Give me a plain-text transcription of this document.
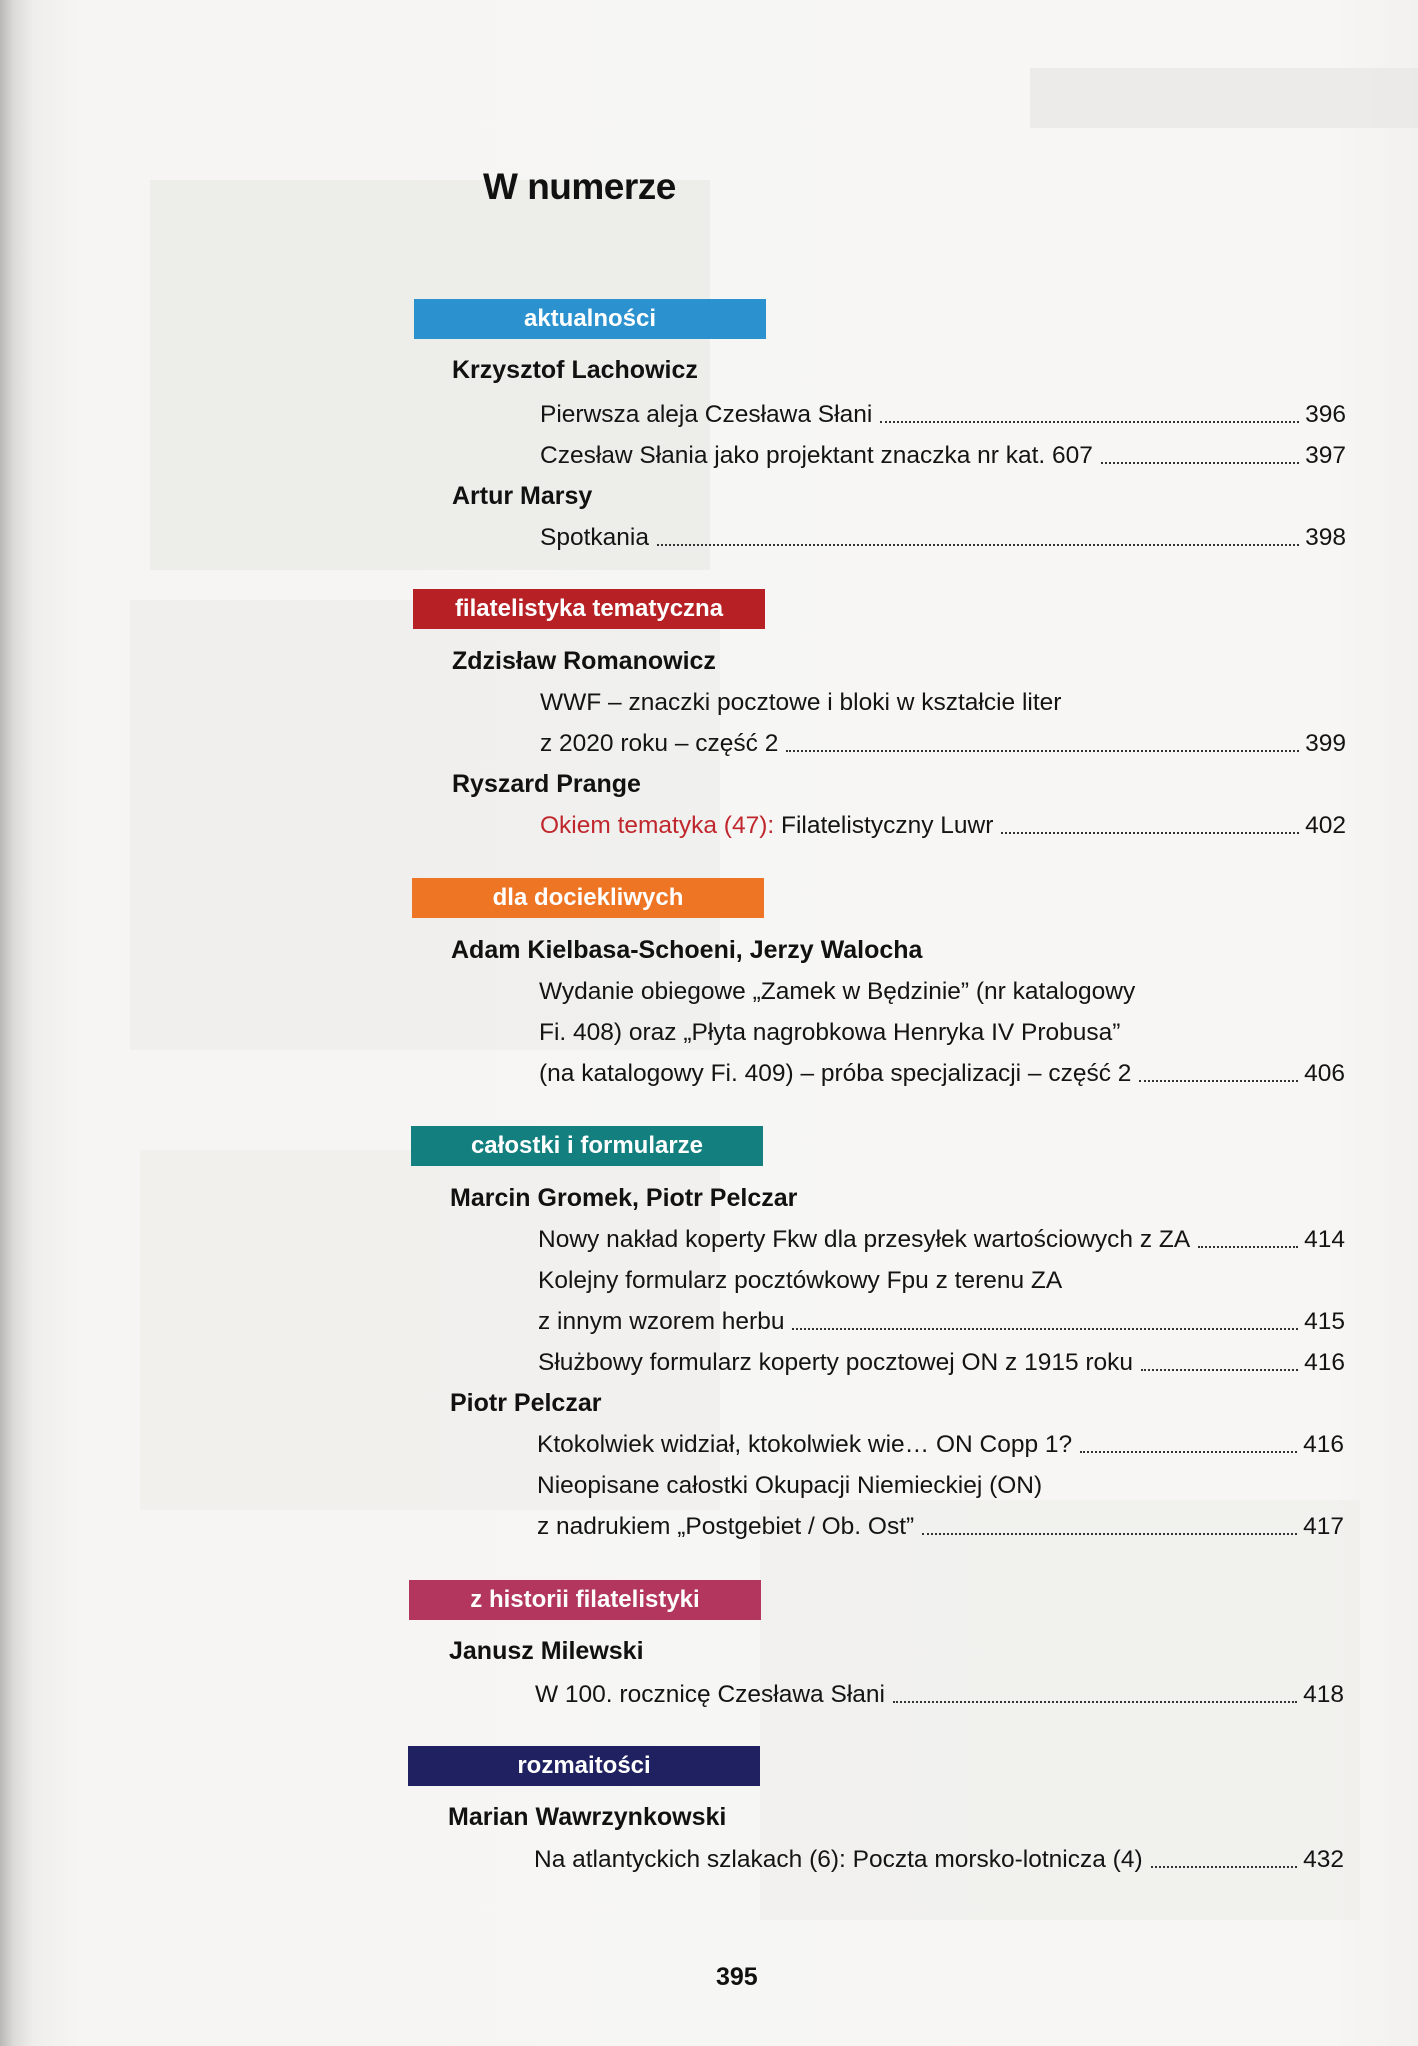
W numerze
aktualności
Krzysztof Lachowicz
Pierwsza aleja Czesława Słani	396
Czesław Słania jako projektant znaczka nr kat. 607	397
Artur Marsy
Spotkania	398
filatelistyka tematyczna
Zdzisław Romanowicz
WWF – znaczki pocztowe i bloki w kształcie liter
z 2020 roku – część 2	399
Ryszard Prange
Okiem tematyka (47): Filatelistyczny Luwr	402
dla dociekliwych
Adam Kielbasa-Schoeni, Jerzy Walocha
Wydanie obiegowe „Zamek w Będzinie” (nr katalogowy
Fi. 408) oraz „Płyta nagrobkowa Henryka IV Probusa”
(na katalogowy Fi. 409) – próba specjalizacji – część 2	406
całostki i formularze
Marcin Gromek, Piotr Pelczar
Nowy nakład koperty Fkw dla przesyłek wartościowych z ZA	414
Kolejny formularz pocztówkowy Fpu z terenu ZA
z innym wzorem herbu	415
Służbowy formularz koperty pocztowej ON z 1915 roku	416
Piotr Pelczar
Ktokolwiek widział, ktokolwiek wie… ON Copp 1?	416
Nieopisane całostki Okupacji Niemieckiej (ON)
z nadrukiem „Postgebiet / Ob. Ost”	417
z historii filatelistyki
Janusz Milewski
W 100. rocznicę Czesława Słani	418
rozmaitości
Marian Wawrzynkowski
Na atlantyckich szlakach (6): Poczta morsko-lotnicza (4)	432
395
